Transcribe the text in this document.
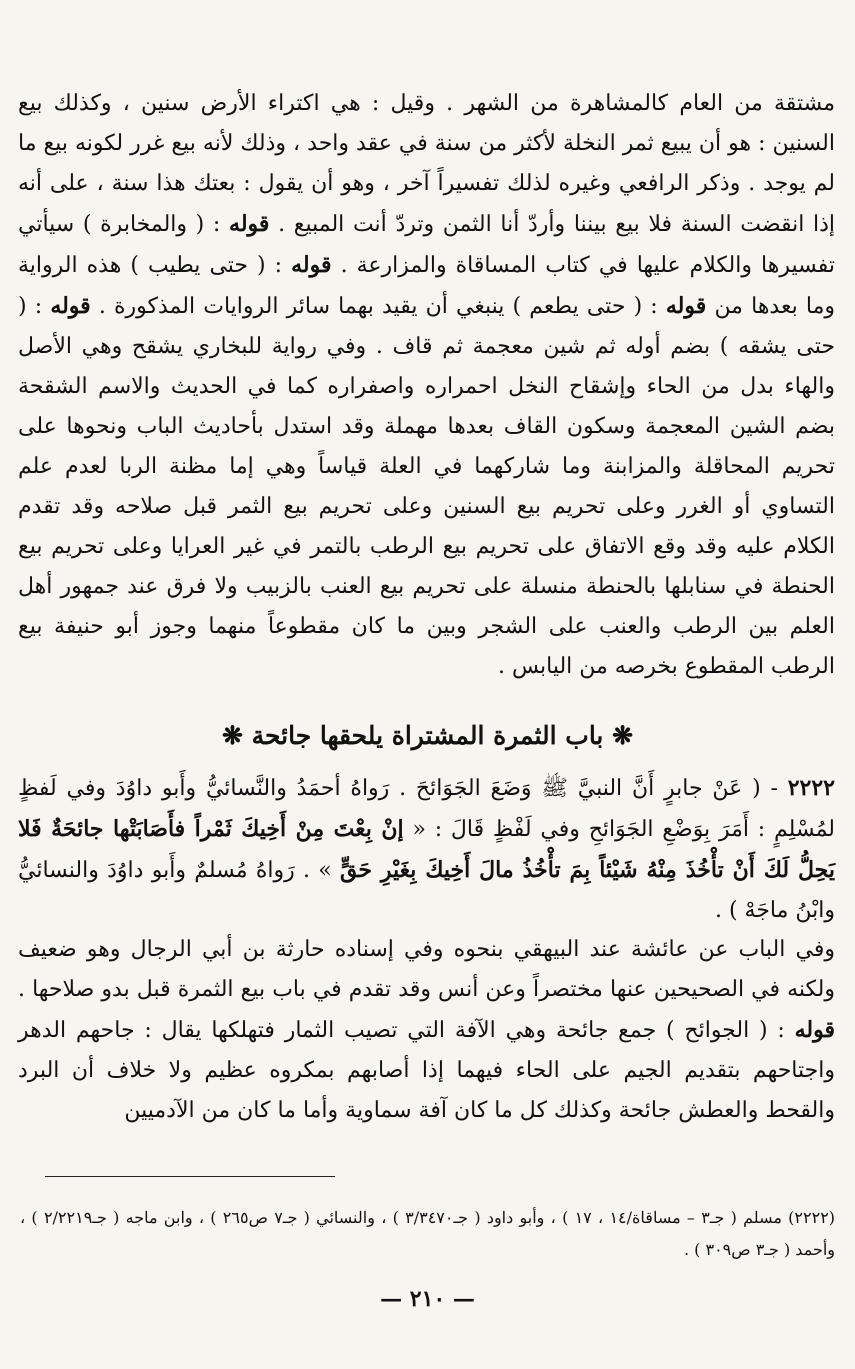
مشتقة من العام كالمشاهرة من الشهر . وقيل : هي اكتراء الأرض سنين ، وكذلك بيع السنين : هو أن يبيع ثمر النخلة لأكثر من سنة في عقد واحد ، وذلك لأنه بيع غرر لكونه بيع ما لم يوجد . وذكر الرافعي وغيره لذلك تفسيراً آخر ، وهو أن يقول : بعتك هذا سنة ، على أنه إذا انقضت السنة فلا بيع بيننا وأردّ أنا الثمن وتردّ أنت المبيع . قوله : ( والمخابرة ) سيأتي تفسيرها والكلام عليها في كتاب المساقاة والمزارعة . قوله : ( حتى يطيب ) هذه الرواية وما بعدها من قوله : ( حتى يطعم ) ينبغي أن يقيد بهما سائر الروايات المذكورة . قوله : ( حتى يشقه ) بضم أوله ثم شين معجمة ثم قاف . وفي رواية للبخاري يشقح وهي الأصل والهاء بدل من الحاء وإشقاح النخل احمراره واصفراره كما في الحديث والاسم الشقحة بضم الشين المعجمة وسكون القاف بعدها مهملة وقد استدل بأحاديث الباب ونحوها على تحريم المحاقلة والمزابنة وما شاركهما في العلة قياساً وهي إما مظنة الربا لعدم علم التساوي أو الغرر وعلى تحريم بيع السنين وعلى تحريم بيع الثمر قبل صلاحه وقد تقدم الكلام عليه وقد وقع الاتفاق على تحريم بيع الرطب بالتمر في غير العرايا وعلى تحريم بيع الحنطة في سنابلها بالحنطة منسلة على تحريم بيع العنب بالزبيب ولا فرق عند جمهور أهل العلم بين الرطب والعنب على الشجر وبين ما كان مقطوعاً منهما وجوز أبو حنيفة بيع الرطب المقطوع بخرصه من اليابس .
❋ باب الثمرة المشتراة يلحقها جائحة ❋
٢٢٢٢ - ( عَنْ جابرٍ أَنَّ النبيَّ ﷺ وَضَعَ الجَوَائحَ . رَواهُ أحمَدُ والنَّسائيُّ وأَبو داوُدَ وفي لَفظٍ لمُسْلِمٍ : أَمَرَ بِوَضْعِ الجَوَائحِ وفي لَفْظٍ قَالَ : « إنْ بِعْتَ مِنْ أَخِيكَ ثَمْراً فأَصَابَتْها جائحَةٌ فَلا يَحِلُّ لَكَ أَنْ تأْخُذَ مِنْهُ شَيْئاً بِمَ تأْخُذُ مالَ أَخِيكَ بِغَيْرِ حَقٍّ » . رَواهُ مُسلمٌ وأَبو داوُدَ والنسائيُّ وابْنُ ماجَهْ ) .
وفي الباب عن عائشة عند البيهقي بنحوه وفي إسناده حارثة بن أبي الرجال وهو ضعيف ولكنه في الصحيحين عنها مختصراً وعن أنس وقد تقدم في باب بيع الثمرة قبل بدو صلاحها . قوله : ( الجوائح ) جمع جائحة وهي الآفة التي تصيب الثمار فتهلكها يقال : جاحهم الدهر واجتاحهم بتقديم الجيم على الحاء فيهما إذا أصابهم بمكروه عظيم ولا خلاف أن البرد والقحط والعطش جائحة وكذلك كل ما كان آفة سماوية وأما ما كان من الآدميين
(٢٢٢٢) مسلم ( جـ٣ – مساقاة/١٤ ، ١٧ ) ، وأبو داود ( جـ٣/٣٤٧٠ ) ، والنسائي ( جـ٧ ص٢٦٥ ) ، وابن ماجه ( جـ٢/٢٢١٩ ) ، وأحمد ( جـ٣ ص٣٠٩ ) .
— ٢١٠ —
